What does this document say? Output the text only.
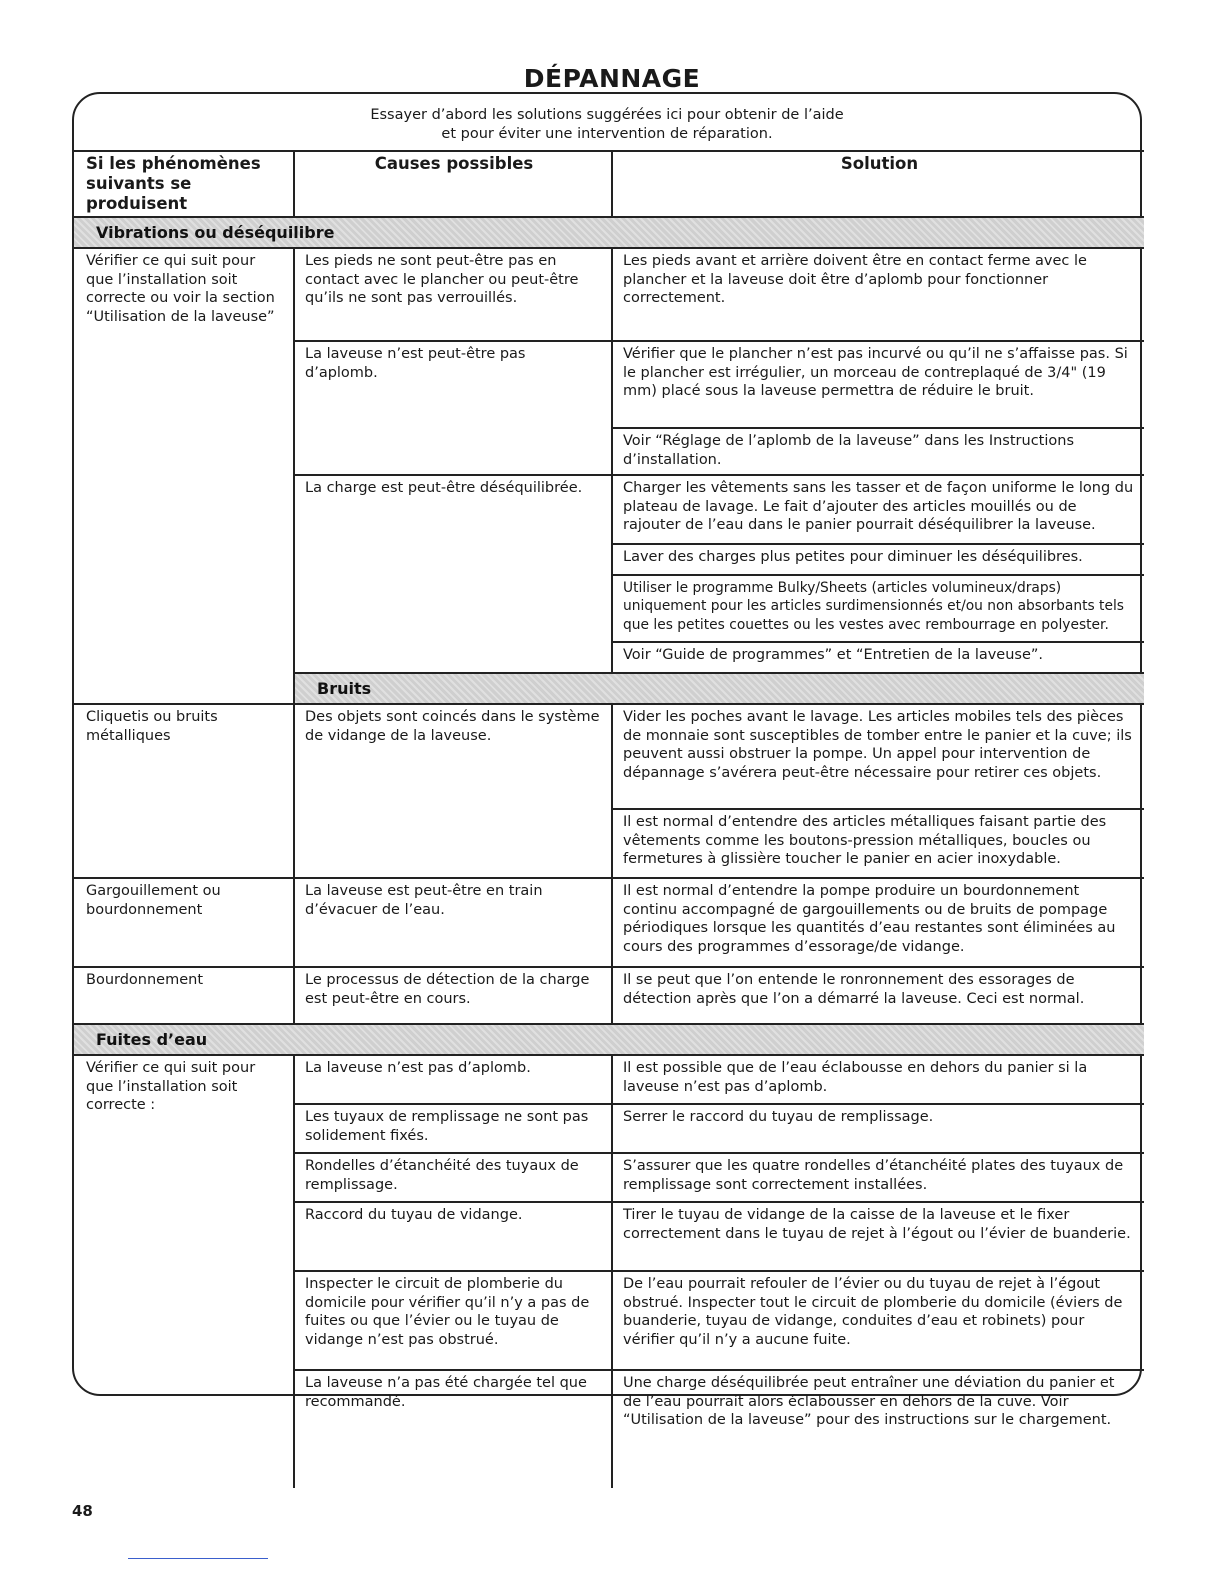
DÉPANNAGE
Essayer d’abord les solutions suggérées ici pour obtenir de l’aide
et pour éviter une intervention de réparation.
Si les phénomènes suivants se produisent	Causes possibles	Solution
Vibrations ou déséquilibre		
Vérifier ce qui suit pour que l’installation soit correcte ou voir la section “Utilisation de la laveuse”	Les pieds ne sont peut-être pas en contact avec le plancher ou peut-être qu’ils ne sont pas verrouillés.	Les pieds avant et arrière doivent être en contact ferme avec le plancher et la laveuse doit être d’aplomb pour fonctionner correctement.
	La laveuse n’est peut-être pas d’aplomb.	Vérifier que le plancher n’est pas incurvé ou qu’il ne s’affaisse pas. Si le plancher est irrégulier, un morceau de contreplaqué de 3/4" (19 mm) placé sous la laveuse permettra de réduire le bruit.
		Voir “Réglage de l’aplomb de la laveuse” dans les Instructions d’installation.
	La charge est peut-être déséquilibrée.	Charger les vêtements sans les tasser et de façon uniforme le long du plateau de lavage. Le fait d’ajouter des articles mouillés ou de rajouter de l’eau dans le panier pourrait déséquilibrer la laveuse.
		Laver des charges plus petites pour diminuer les déséquilibres.
		Utiliser le programme Bulky/Sheets (articles volumineux/draps) uniquement pour les articles surdimensionnés et/ou non absorbants tels que les petites couettes ou les vestes avec rembourrage en polyester.
		Voir “Guide de programmes” et “Entretien de la laveuse”.
	Bruits	
Cliquetis ou bruits métalliques	Des objets sont coincés dans le système de vidange de la laveuse.	Vider les poches avant le lavage. Les articles mobiles tels des pièces de monnaie sont susceptibles de tomber entre le panier et la cuve; ils peuvent aussi obstruer la pompe. Un appel pour intervention de dépannage s’avérera peut-être nécessaire pour retirer ces objets.
		Il est normal d’entendre des articles métalliques faisant partie des vêtements comme les boutons-pression métalliques, boucles ou fermetures à glissière toucher le panier en acier inoxydable.
Gargouillement ou bourdonnement	La laveuse est peut-être en train d’évacuer de l’eau.	Il est normal d’entendre la pompe produire un bourdonnement continu accompagné de gargouillements ou de bruits de pompage périodiques lorsque les quantités d’eau restantes sont éliminées au cours des programmes d’essorage/de vidange.
Bourdonnement	Le processus de détection de la charge est peut-être en cours.	Il se peut que l’on entende le ronronnement des essorages de détection après que l’on a démarré la laveuse. Ceci est normal.
Fuites d’eau		
Vérifier ce qui suit pour que l’installation soit correcte :	La laveuse n’est pas d’aplomb.	Il est possible que de l’eau éclabousse en dehors du panier si la laveuse n’est pas d’aplomb.
	Les tuyaux de remplissage ne sont pas solidement fixés.	Serrer le raccord du tuyau de remplissage.
	Rondelles d’étanchéité des tuyaux de remplissage.	S’assurer que les quatre rondelles d’étanchéité plates des tuyaux de remplissage sont correctement installées.
	Raccord du tuyau de vidange.	Tirer le tuyau de vidange de la caisse de la laveuse et le fixer correctement dans le tuyau de rejet à l’égout ou l’évier de buanderie.
	Inspecter le circuit de plomberie du domicile pour vérifier qu’il n’y a pas de fuites ou que l’évier ou le tuyau de vidange n’est pas obstrué.	De l’eau pourrait refouler de l’évier ou du tuyau de rejet à l’égout obstrué. Inspecter tout le circuit de plomberie du domicile (éviers de buanderie, tuyau de vidange, conduites d’eau et robinets) pour vérifier qu’il n’y a aucune fuite.
	La laveuse n’a pas été chargée tel que recommandé.	Une charge déséquilibrée peut entraîner une déviation du panier et de l’eau pourrait alors éclabousser en dehors de la cuve. Voir “Utilisation de la laveuse” pour des instructions sur le chargement.
48
